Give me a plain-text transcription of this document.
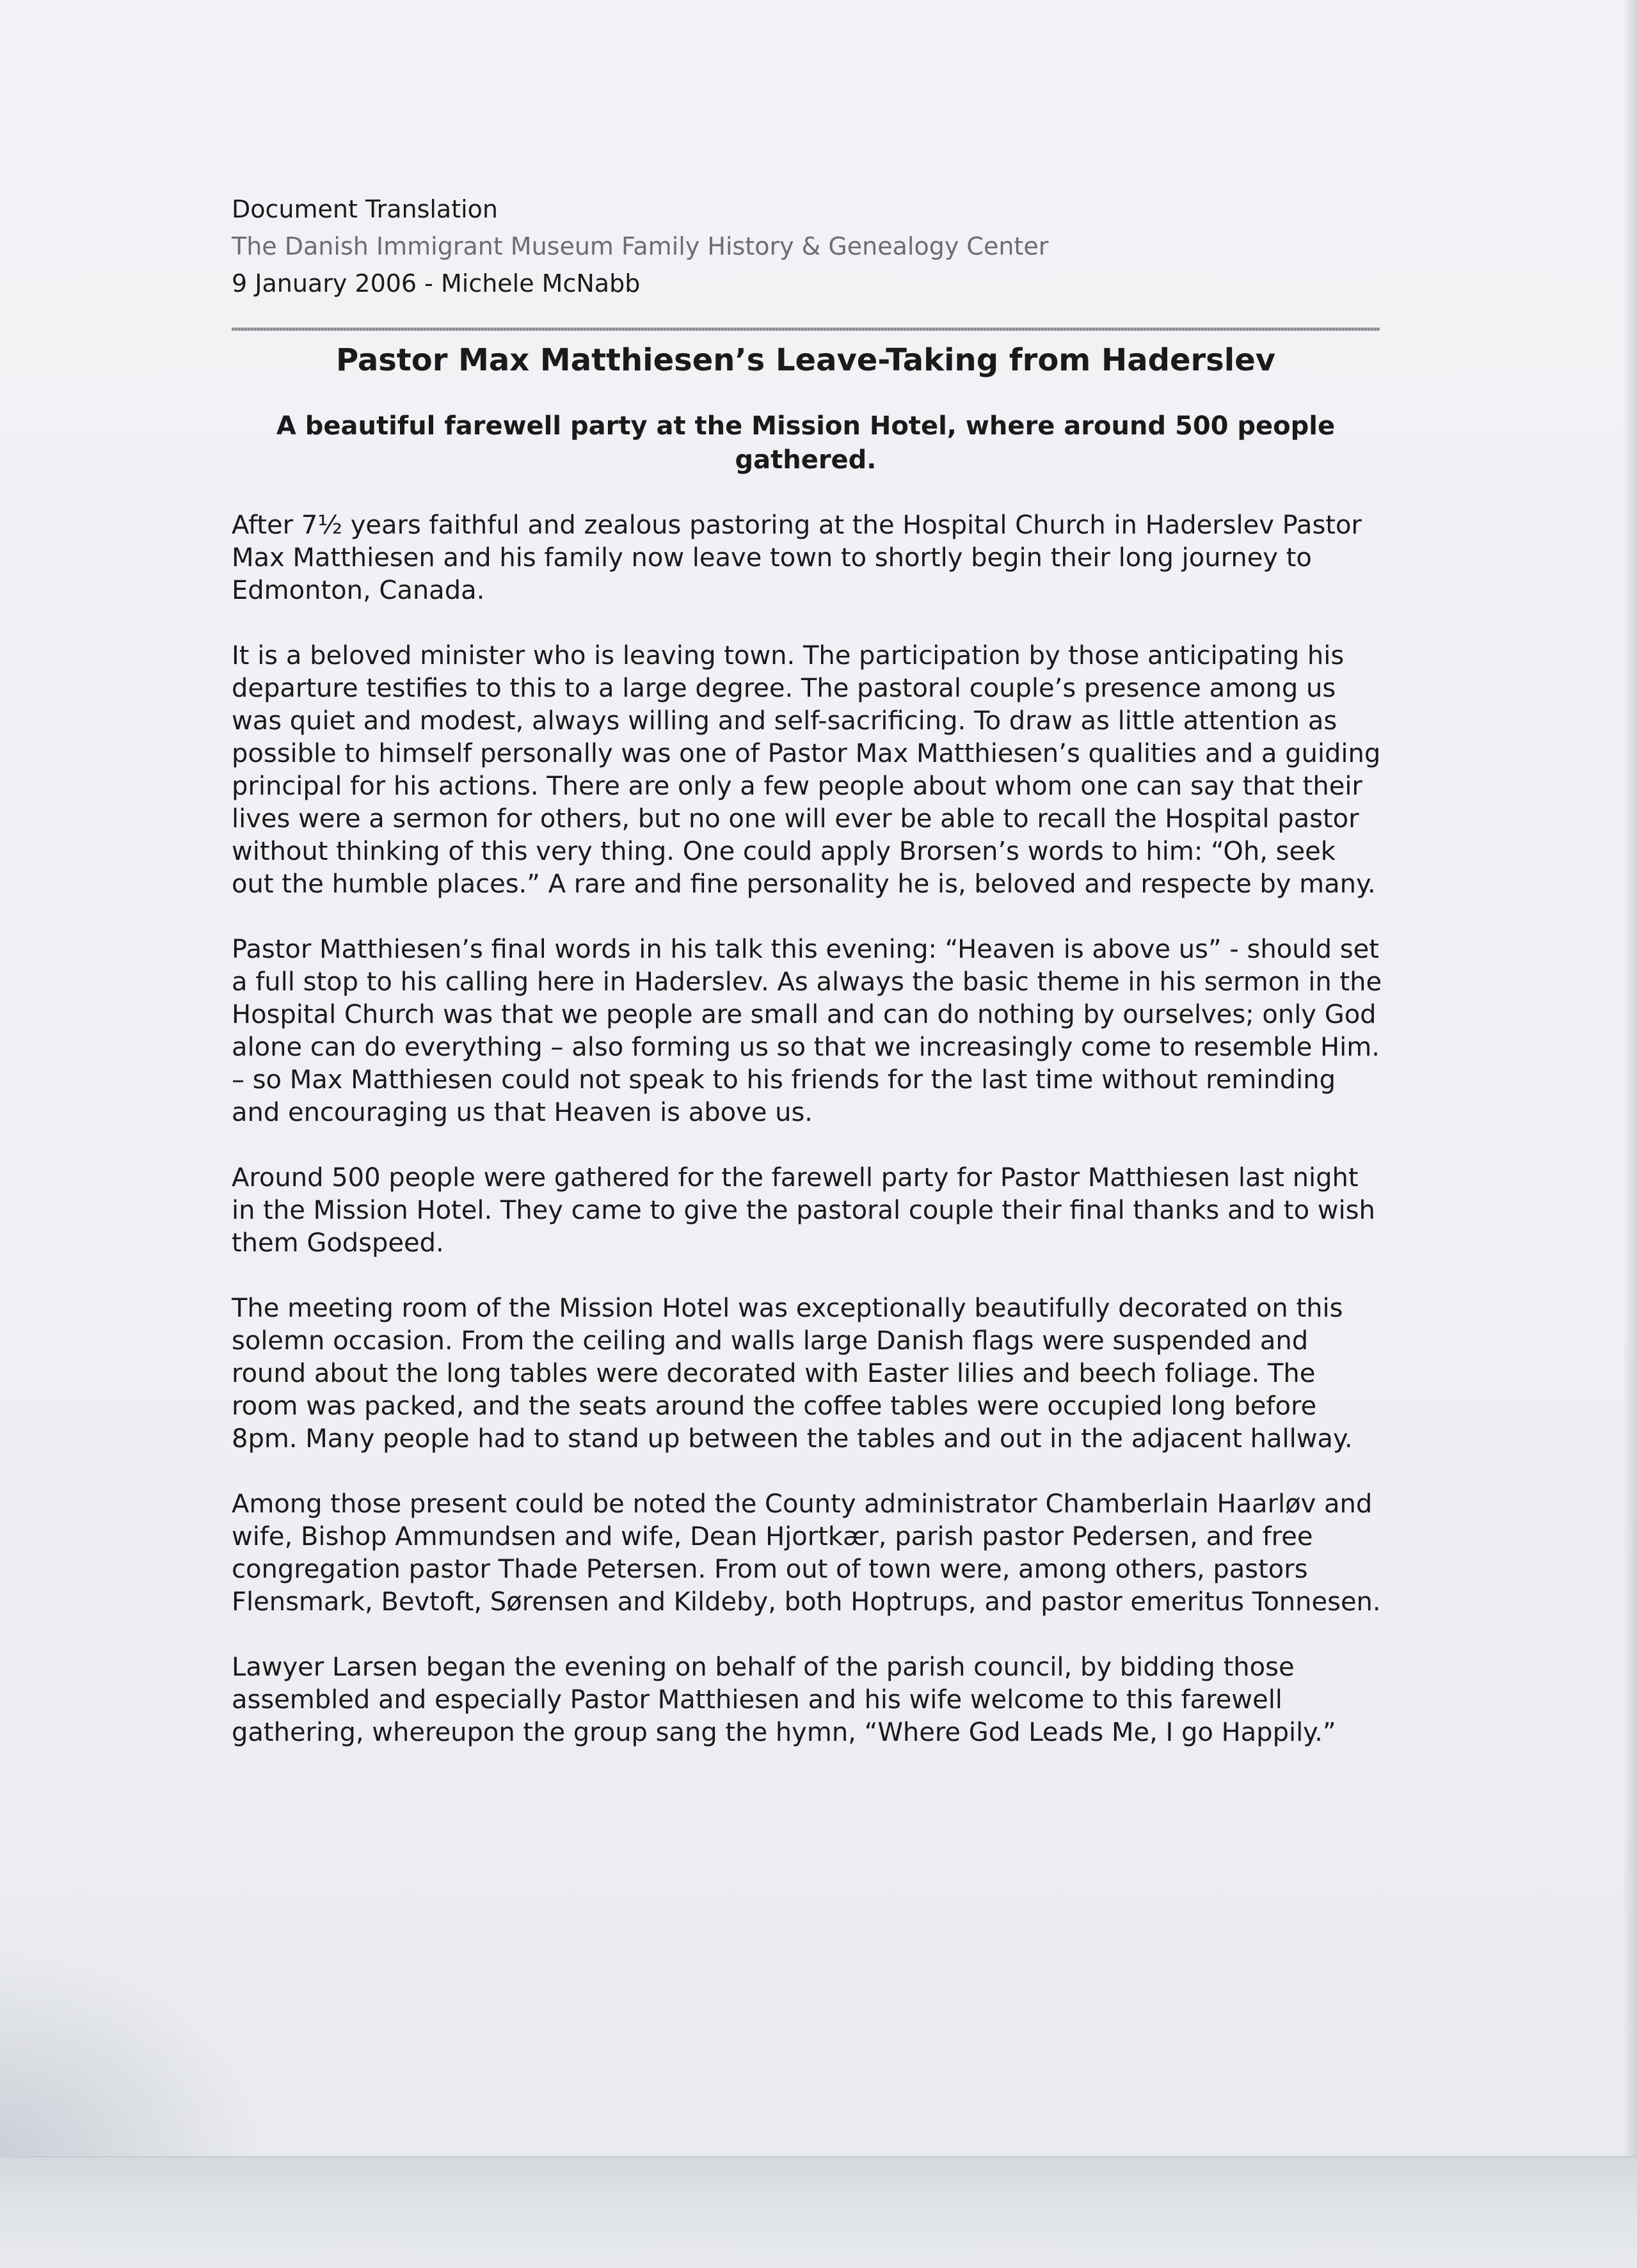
Document Translation
The Danish Immigrant Museum Family History & Genealogy Center
9 January 2006 - Michele McNabb
Pastor Max Matthiesen’s Leave-Taking from Haderslev
A beautiful farewell party at the Mission Hotel, where around 500 people gathered.

After 7½ years faithful and zealous pastoring at the Hospital Church in Haderslev Pastor Max Matthiesen and his family now leave town to shortly begin their long journey to Edmonton, Canada.

It is a beloved minister who is leaving town. The participation by those anticipating his departure testifies to this to a large degree. The pastoral couple’s presence among us was quiet and modest, always willing and self-sacrificing. To draw as little attention as possible to himself personally was one of Pastor Max Matthiesen’s qualities and a guiding principal for his actions. There are only a few people about whom one can say that their lives were a sermon for others, but no one will ever be able to recall the Hospital pastor without thinking of this very thing. One could apply Brorsen’s words to him: “Oh, seek out the humble places.” A rare and fine personality he is, beloved and respecte by many.

Pastor Matthiesen’s final words in his talk this evening: “Heaven is above us” - should set a full stop to his calling here in Haderslev. As always the basic theme in his sermon in the Hospital Church was that we people are small and can do nothing by ourselves; only God alone can do everything – also forming us so that we increasingly come to resemble Him. – so Max Matthiesen could not speak to his friends for the last time without reminding and encouraging us that Heaven is above us.

Around 500 people were gathered for the farewell party for Pastor Matthiesen last night in the Mission Hotel. They came to give the pastoral couple their final thanks and to wish them Godspeed.

The meeting room of the Mission Hotel was exceptionally beautifully decorated on this solemn occasion. From the ceiling and walls large Danish flags were suspended and round about the long tables were decorated with Easter lilies and beech foliage. The room was packed, and the seats around the coffee tables were occupied long before 8pm. Many people had to stand up between the tables and out in the adjacent hallway.

Among those present could be noted the County administrator Chamberlain Haarløv and wife, Bishop Ammundsen and wife, Dean Hjortkær, parish pastor Pedersen, and free congregation pastor Thade Petersen. From out of town were, among others, pastors Flensmark, Bevtoft, Sørensen and Kildeby, both Hoptrups, and pastor emeritus Tonnesen.

Lawyer Larsen began the evening on behalf of the parish council, by bidding those assembled and especially Pastor Matthiesen and his wife welcome to this farewell gathering, whereupon the group sang the hymn, “Where God Leads Me, I go Happily.”
